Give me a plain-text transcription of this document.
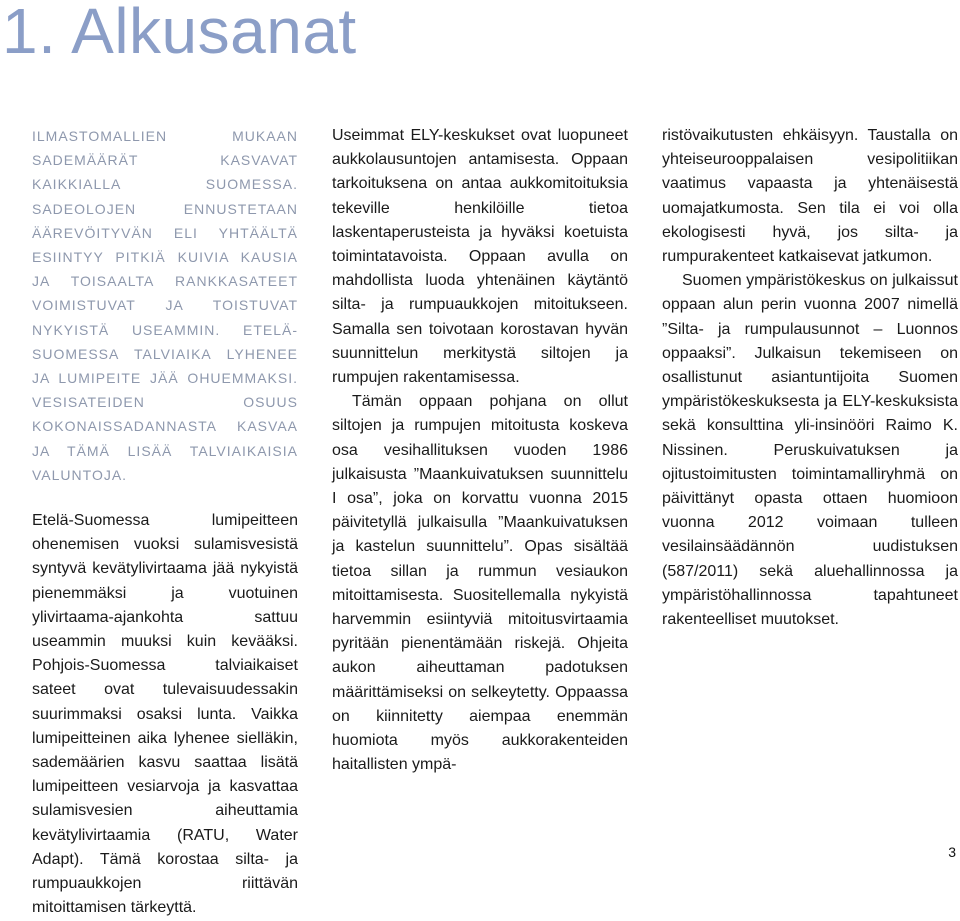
1. Alkusanat

ILMASTOMALLIEN MUKAAN SADEMÄÄRÄT KASVAVAT KAIKKIALLA SUOMESSA. SADEOLOJEN ENNUSTETAAN ÄÄREVÖITYVÄN ELI YHTÄÄLTÄ ESIINTYY PITKIÄ KUIVIA KAUSIA JA TOISAALTA RANKKASATEET VOIMISTUVAT JA TOISTUVAT NYKYISTÄ USEAMMIN. ETELÄ-SUOMESSA TALVIAIKA LYHENEE JA LUMIPEITE JÄÄ OHUEMMAKSI. VESISATEIDEN OSUUS KOKONAISSADANNASTA KASVAA JA TÄMÄ LISÄÄ TALVIAIKAISIA VALUNTOJA.

Etelä-Suomessa lumipeitteen ohenemisen vuoksi sulamisvesistä syntyvä kevätylivirtaama jää nykyistä pienemmäksi ja vuotuinen ylivirtaama-ajankohta sattuu useammin muuksi kuin kevääksi. Pohjois-Suomessa talviaikaiset sateet ovat tulevaisuudessakin suurimmaksi osaksi lunta. Vaikka lumipeitteinen aika lyhenee sielläkin, sademäärien kasvu saattaa lisätä lumipeitteen vesiarvoja ja kasvattaa sulamisvesien aiheuttamia kevätylivirtaamia (RATU, Water Adapt). Tämä korostaa silta- ja rumpuaukkojen riittävän mitoittamisen tärkeyttä.

Useimmat ELY-keskukset ovat luopuneet aukkolausuntojen antamisesta. Oppaan tarkoituksena on antaa aukkomitoituksia tekeville henkilöille tietoa laskentaperusteista ja hyväksi koetuista toimintatavoista. Oppaan avulla on mahdollista luoda yhtenäinen käytäntö silta- ja rumpuaukkojen mitoitukseen. Samalla sen toivotaan korostavan hyvän suunnittelun merkitystä siltojen ja rumpujen rakentamisessa.

Tämän oppaan pohjana on ollut siltojen ja rumpujen mitoitusta koskeva osa vesihallituksen vuoden 1986 julkaisusta ”Maankuivatuksen suunnittelu I osa”, joka on korvattu vuonna 2015 päivitetyllä julkaisulla ”Maankuivatuksen ja kastelun suunnittelu”. Opas sisältää tietoa sillan ja rummun vesiaukon mitoittamisesta. Suositellemalla nykyistä harvemmin esiintyviä mitoitusvirtaamia pyritään pienentämään riskejä. Ohjeita aukon aiheuttaman padotuksen määrittämiseksi on selkeytetty. Oppaassa on kiinnitetty aiempaa enemmän huomiota myös aukkorakenteiden haitallisten ympä-

ristövaikutusten ehkäisyyn. Taustalla on yhteiseurooppalaisen vesipolitiikan vaatimus vapaasta ja yhtenäisestä uomajatkumosta. Sen tila ei voi olla ekologisesti hyvä, jos silta- ja rumpurakenteet katkaisevat jatkumon.

Suomen ympäristökeskus on julkaissut oppaan alun perin vuonna 2007 nimellä ”Silta- ja rumpulausunnot – Luonnos oppaaksi”. Julkaisun tekemiseen on osallistunut asiantuntijoita Suomen ympäristökeskuksesta ja ELY-keskuksista sekä konsulttina yli-insinööri Raimo K. Nissinen. Peruskuivatuksen ja ojitustoimitusten toimintamalliryhmä on päivittänyt opasta ottaen huomioon vuonna 2012 voimaan tulleen vesilainsäädännön uudistuksen (587/2011) sekä aluehallinnossa ja ympäristöhallinnossa tapahtuneet rakenteelliset muutokset.

3
